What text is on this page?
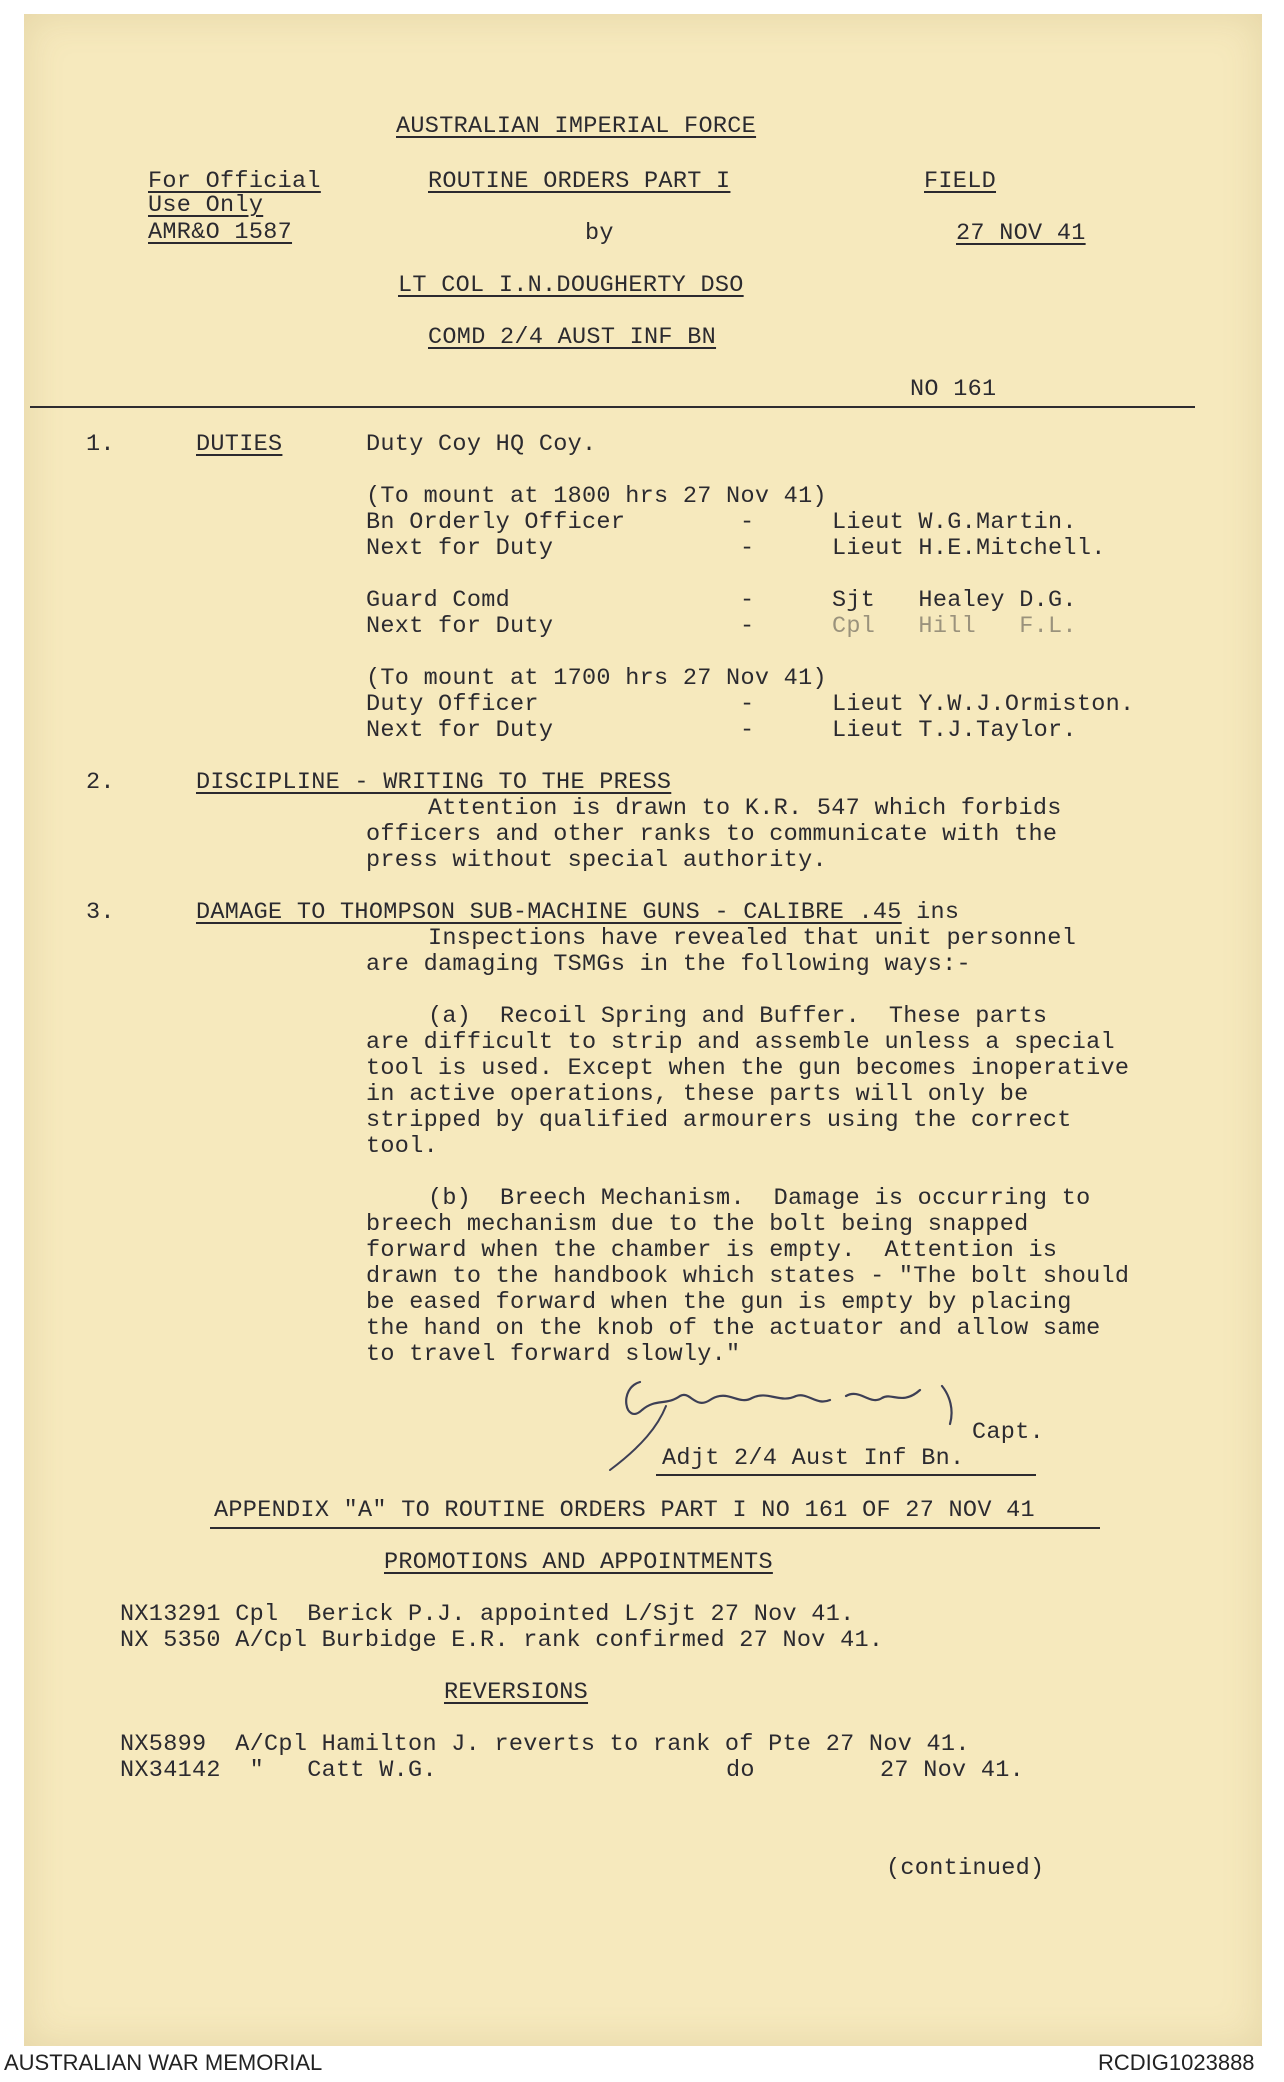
AUSTRALIAN IMPERIAL FORCE
For Official
Use Only
AMR&O 1587
ROUTINE ORDERS PART I	FIELD
by	27 NOV 41
LT COL I.N.DOUGHERTY DSO
COMD 2/4 AUST INF BN
NO 161
1.	DUTIES	Duty Coy HQ Coy.
(To mount at 1800 hrs 27 Nov 41)
Bn Orderly Officer	-	Lieut W.G.Martin.
Next for Duty	-	Lieut H.E.Mitchell.
Guard Comd	-	Sjt   Healey D.G.
Next for Duty	-	Cpl   Hill   F.L.
(To mount at 1700 hrs 27 Nov 41)
Duty Officer	-	Lieut Y.W.J.Ormiston.
Next for Duty	-	Lieut T.J.Taylor.
2.	DISCIPLINE - WRITING TO THE PRESS
Attention is drawn to K.R. 547 which forbids
officers and other ranks to communicate with the
press without special authority.
3.	DAMAGE TO THOMPSON SUB-MACHINE GUNS - CALIBRE .45 ins
Inspections have revealed that unit personnel
are damaging TSMGs in the following ways:-
(a)  Recoil Spring and Buffer.  These parts
are difficult to strip and assemble unless a special
tool is used. Except when the gun becomes inoperative
in active operations, these parts will only be
stripped by qualified armourers using the correct
tool.
(b)  Breech Mechanism.  Damage is occurring to
breech mechanism due to the bolt being snapped
forward when the chamber is empty.  Attention is
drawn to the handbook which states - "The bolt should
be eased forward when the gun is empty by placing
the hand on the knob of the actuator and allow same
to travel forward slowly."
Capt.
Adjt 2/4 Aust Inf Bn.
APPENDIX "A" TO ROUTINE ORDERS PART I NO 161 OF 27 NOV 41
PROMOTIONS AND APPOINTMENTS
NX13291 Cpl  Berick P.J. appointed L/Sjt 27 Nov 41.
NX 5350 A/Cpl Burbidge E.R. rank confirmed 27 Nov 41.
REVERSIONS
NX5899  A/Cpl Hamilton J. reverts to rank of Pte 27 Nov 41.
NX34142  "   Catt W.G.	do	27 Nov 41.
(continued)
AUSTRALIAN WAR MEMORIAL	RCDIG1023888
